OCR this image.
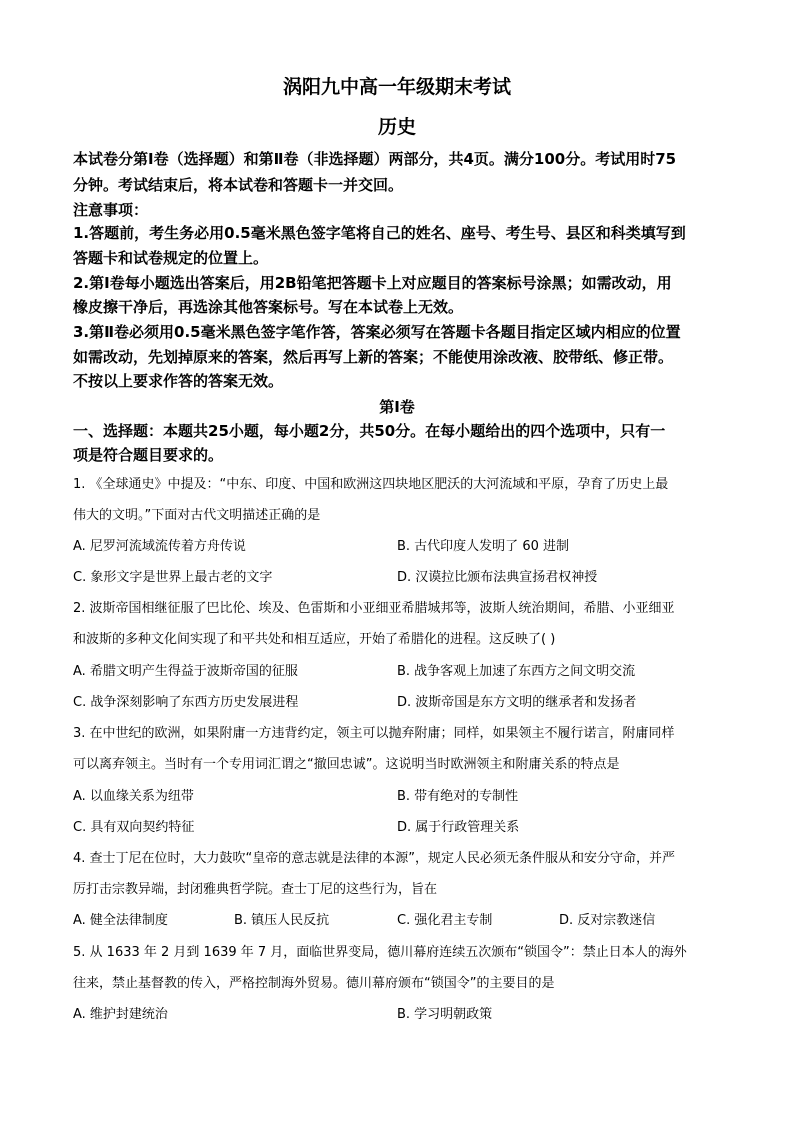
涡阳九中高一年级期末考试
历史
本试卷分第Ⅰ卷（选择题）和第Ⅱ卷（非选择题）两部分，共4页。满分100分。考试用时75
分钟。考试结束后，将本试卷和答题卡一并交回。
注意事项：
1.答题前，考生务必用0.5毫米黑色签字笔将自己的姓名、座号、考生号、县区和科类填写到
答题卡和试卷规定的位置上。
2.第Ⅰ卷每小题选出答案后，用2B铅笔把答题卡上对应题目的答案标号涂黑；如需改动，用
橡皮擦干净后，再选涂其他答案标号。写在本试卷上无效。
3.第Ⅱ卷必须用0.5毫米黑色签字笔作答，答案必须写在答题卡各题目指定区域内相应的位置
如需改动，先划掉原来的答案，然后再写上新的答案；不能使用涂改液、胶带纸、修正带。
不按以上要求作答的答案无效。
第Ⅰ卷
一、选择题：本题共25小题，每小题2分，共50分。在每小题给出的四个选项中，只有一
项是符合题目要求的。
1. 《全球通史》中提及：“中东、印度、中国和欧洲这四块地区肥沃的大河流域和平原，孕育了历史上最
伟大的文明。”下面对古代文明描述正确的是
A. 尼罗河流域流传着方舟传说	B. 古代印度人发明了 60 进制
C. 象形文字是世界上最古老的文字	D. 汉谟拉比颁布法典宣扬君权神授
2. 波斯帝国相继征服了巴比伦、埃及、色雷斯和小亚细亚希腊城邦等，波斯人统治期间，希腊、小亚细亚
和波斯的多种文化间实现了和平共处和相互适应，开始了希腊化的进程。这反映了( )
A. 希腊文明产生得益于波斯帝国的征服	B. 战争客观上加速了东西方之间文明交流
C. 战争深刻影响了东西方历史发展进程	D. 波斯帝国是东方文明的继承者和发扬者
3. 在中世纪的欧洲，如果附庸一方违背约定，领主可以抛弃附庸；同样，如果领主不履行诺言，附庸同样
可以离弃领主。当时有一个专用词汇谓之“撤回忠诚”。这说明当时欧洲领主和附庸关系的特点是
A. 以血缘关系为纽带	B. 带有绝对的专制性
C. 具有双向契约特征	D. 属于行政管理关系
4. 查士丁尼在位时，大力鼓吹“皇帝的意志就是法律的本源”，规定人民必须无条件服从和安分守命，并严
厉打击宗教异端，封闭雅典哲学院。查士丁尼的这些行为，旨在
A. 健全法律制度	B. 镇压人民反抗	C. 强化君主专制	D. 反对宗教迷信
5. 从 1633 年 2 月到 1639 年 7 月，面临世界变局，德川幕府连续五次颁布“锁国令”：禁止日本人的海外
往来，禁止基督教的传入，严格控制海外贸易。德川幕府颁布“锁国令”的主要目的是
A. 维护封建统治	B. 学习明朝政策
